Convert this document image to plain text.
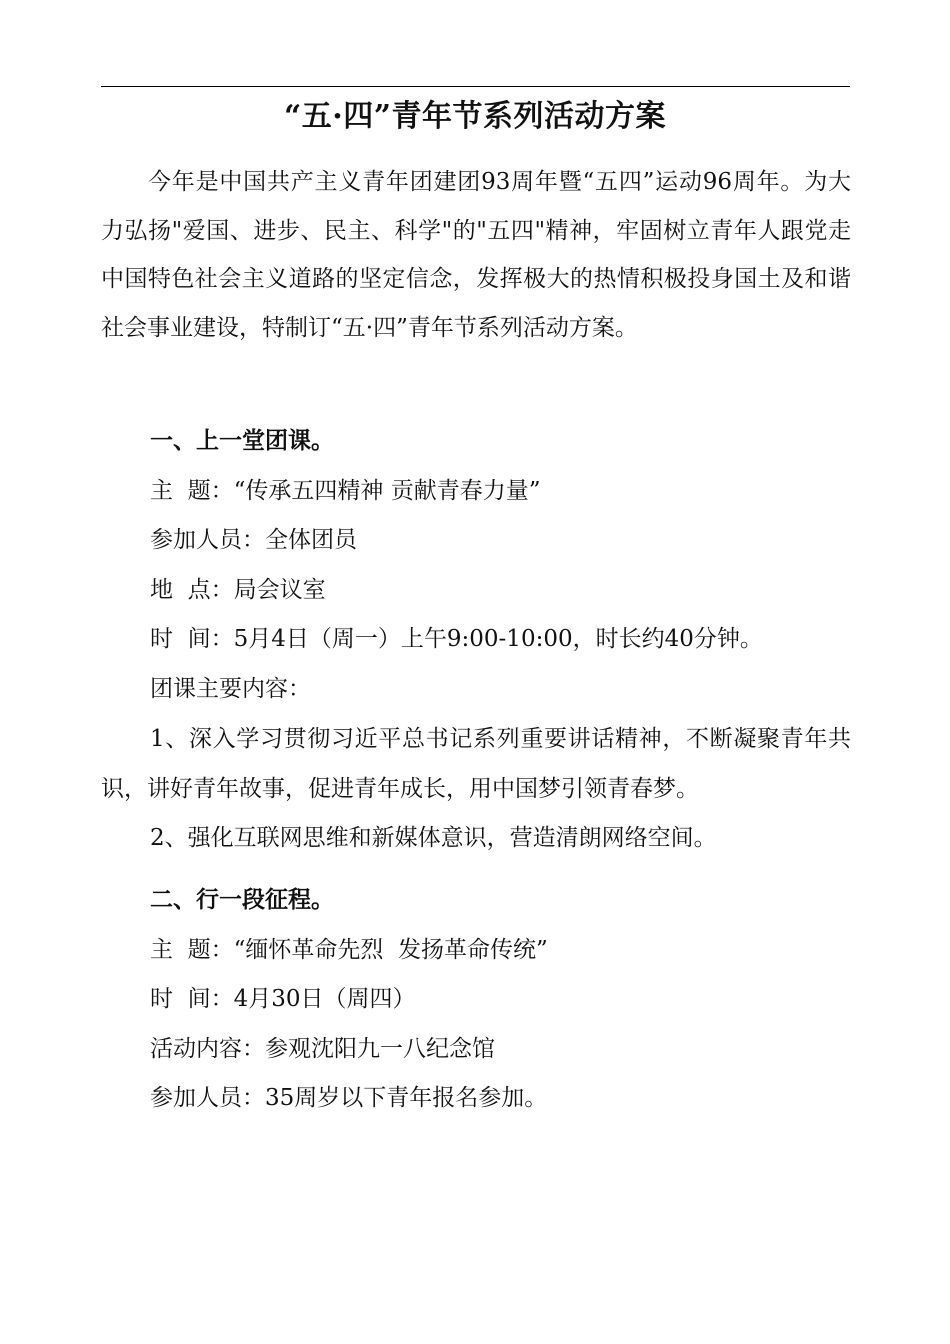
“五·四”青年节系列活动方案

今年是中国共产主义青年团建团93周年暨“五四”运动96周年。为大力弘扬"爱国、进步、民主、科学"的"五四"精神，牢固树立青年人跟党走中国特色社会主义道路的坚定信念，发挥极大的热情积极投身国土及和谐社会事业建设，特制订“五·四”青年节系列活动方案。

一、上一堂团课。

主  题：“传承五四精神 贡献青春力量”

参加人员：全体团员

地  点：局会议室

时  间：5月4日（周一）上午9:00-10:00，时长约40分钟。

团课主要内容：

1、深入学习贯彻习近平总书记系列重要讲话精神，不断凝聚青年共识，讲好青年故事，促进青年成长，用中国梦引领青春梦。

2、强化互联网思维和新媒体意识，营造清朗网络空间。

二、行一段征程。

主  题：“缅怀革命先烈  发扬革命传统”

时  间：4月30日（周四）

活动内容：参观沈阳九一八纪念馆

参加人员：35周岁以下青年报名参加。
